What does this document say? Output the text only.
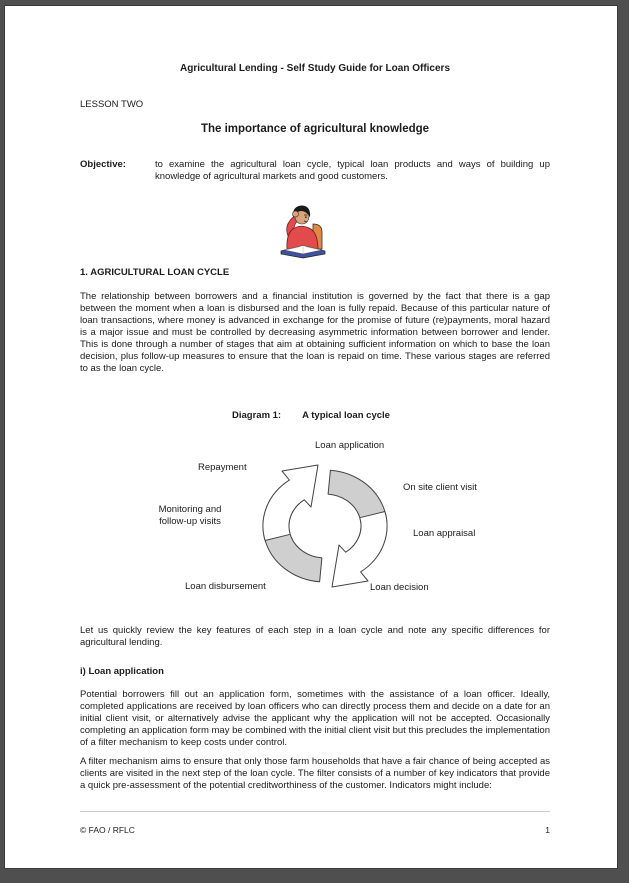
Agricultural Lending - Self Study Guide for Loan Officers
LESSON TWO
The importance of agricultural knowledge
Objective:	to examine the agricultural loan cycle, typical loan products and ways of building up knowledge of agricultural markets and good customers.
1. AGRICULTURAL LOAN CYCLE
The relationship between borrowers and a financial institution is governed by the fact that there is a gap between the moment when a loan is disbursed and the loan is fully repaid. Because of this particular nature of loan transactions, where money is advanced in exchange for the promise of future (re)payments, moral hazard is a major issue and must be controlled by decreasing asymmetric information between borrower and lender. This is done through a number of stages that aim at obtaining sufficient information on which to base the loan decision, plus follow-up measures to ensure that the loan is repaid on time. These various stages are referred to as the loan cycle.
Diagram 1: A typical loan cycle
Loan application
Repayment
On site client visit
Monitoring and follow-up visits
Loan appraisal
Loan disbursement	Loan decision
Let us quickly review the key features of each step in a loan cycle and note any specific differences for agricultural lending.
i) Loan application
Potential borrowers fill out an application form, sometimes with the assistance of a loan officer. Ideally, completed applications are received by loan officers who can directly process them and decide on a date for an initial client visit, or alternatively advise the applicant why the application will not be accepted. Occasionally completing an application form may be combined with the initial client visit but this precludes the implementation of a filter mechanism to keep costs under control.
A filter mechanism aims to ensure that only those farm households that have a fair chance of being accepted as clients are visited in the next step of the loan cycle. The filter consists of a number of key indicators that provide a quick pre-assessment of the potential creditworthiness of the customer. Indicators might include:
© FAO / RFLC	1
